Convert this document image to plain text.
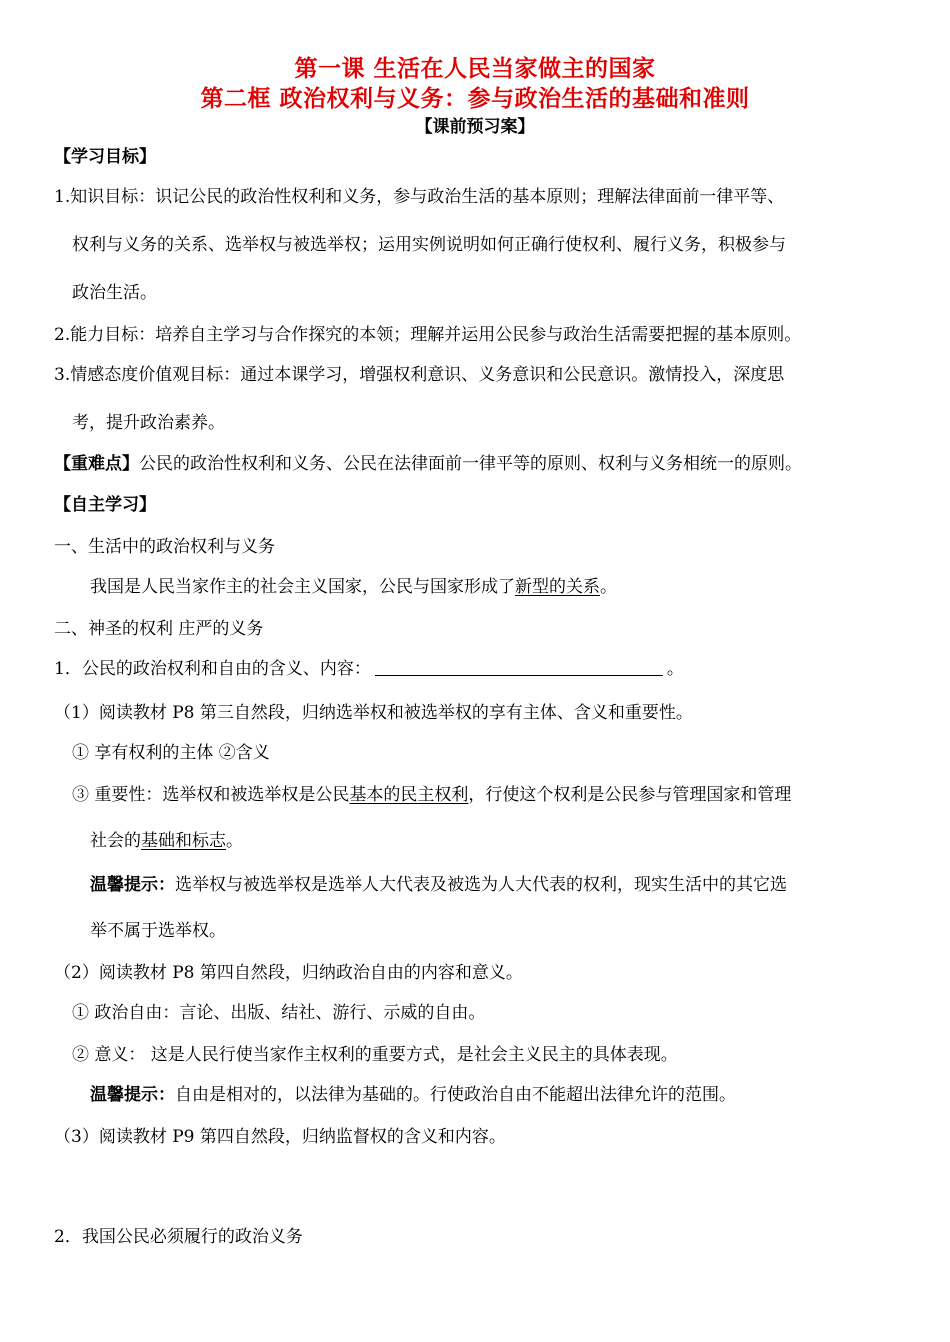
第一课 生活在人民当家做主的国家
第二框 政治权利与义务：参与政治生活的基础和准则
【课前预习案】
【学习目标】
1.知识目标：识记公民的政治性权利和义务，参与政治生活的基本原则；理解法律面前一律平等、
权利与义务的关系、选举权与被选举权；运用实例说明如何正确行使权利、履行义务，积极参与
政治生活。
2.能力目标：培养自主学习与合作探究的本领；理解并运用公民参与政治生活需要把握的基本原则。
3.情感态度价值观目标：通过本课学习，增强权利意识、义务意识和公民意识。激情投入，深度思
考，提升政治素养。
【重难点】公民的政治性权利和义务、公民在法律面前一律平等的原则、权利与义务相统一的原则。
【自主学习】
一、生活中的政治权利与义务
我国是人民当家作主的社会主义国家，公民与国家形成了新型的关系。
二、神圣的权利 庄严的义务
1．公民的政治权利和自由的含义、内容：	。
（1）阅读教材 P8 第三自然段，归纳选举权和被选举权的享有主体、含义和重要性。
① 享有权利的主体 ②含义
③ 重要性：选举权和被选举权是公民基本的民主权利，行使这个权利是公民参与管理国家和管理
社会的基础和标志。
温馨提示：选举权与被选举权是选举人大代表及被选为人大代表的权利，现实生活中的其它选
举不属于选举权。
（2）阅读教材 P8 第四自然段，归纳政治自由的内容和意义。
① 政治自由：言论、出版、结社、游行、示威的自由。
② 意义： 这是人民行使当家作主权利的重要方式，是社会主义民主的具体表现。
温馨提示：自由是相对的，以法律为基础的。行使政治自由不能超出法律允许的范围。
（3）阅读教材 P9 第四自然段，归纳监督权的含义和内容。
2．我国公民必须履行的政治义务
